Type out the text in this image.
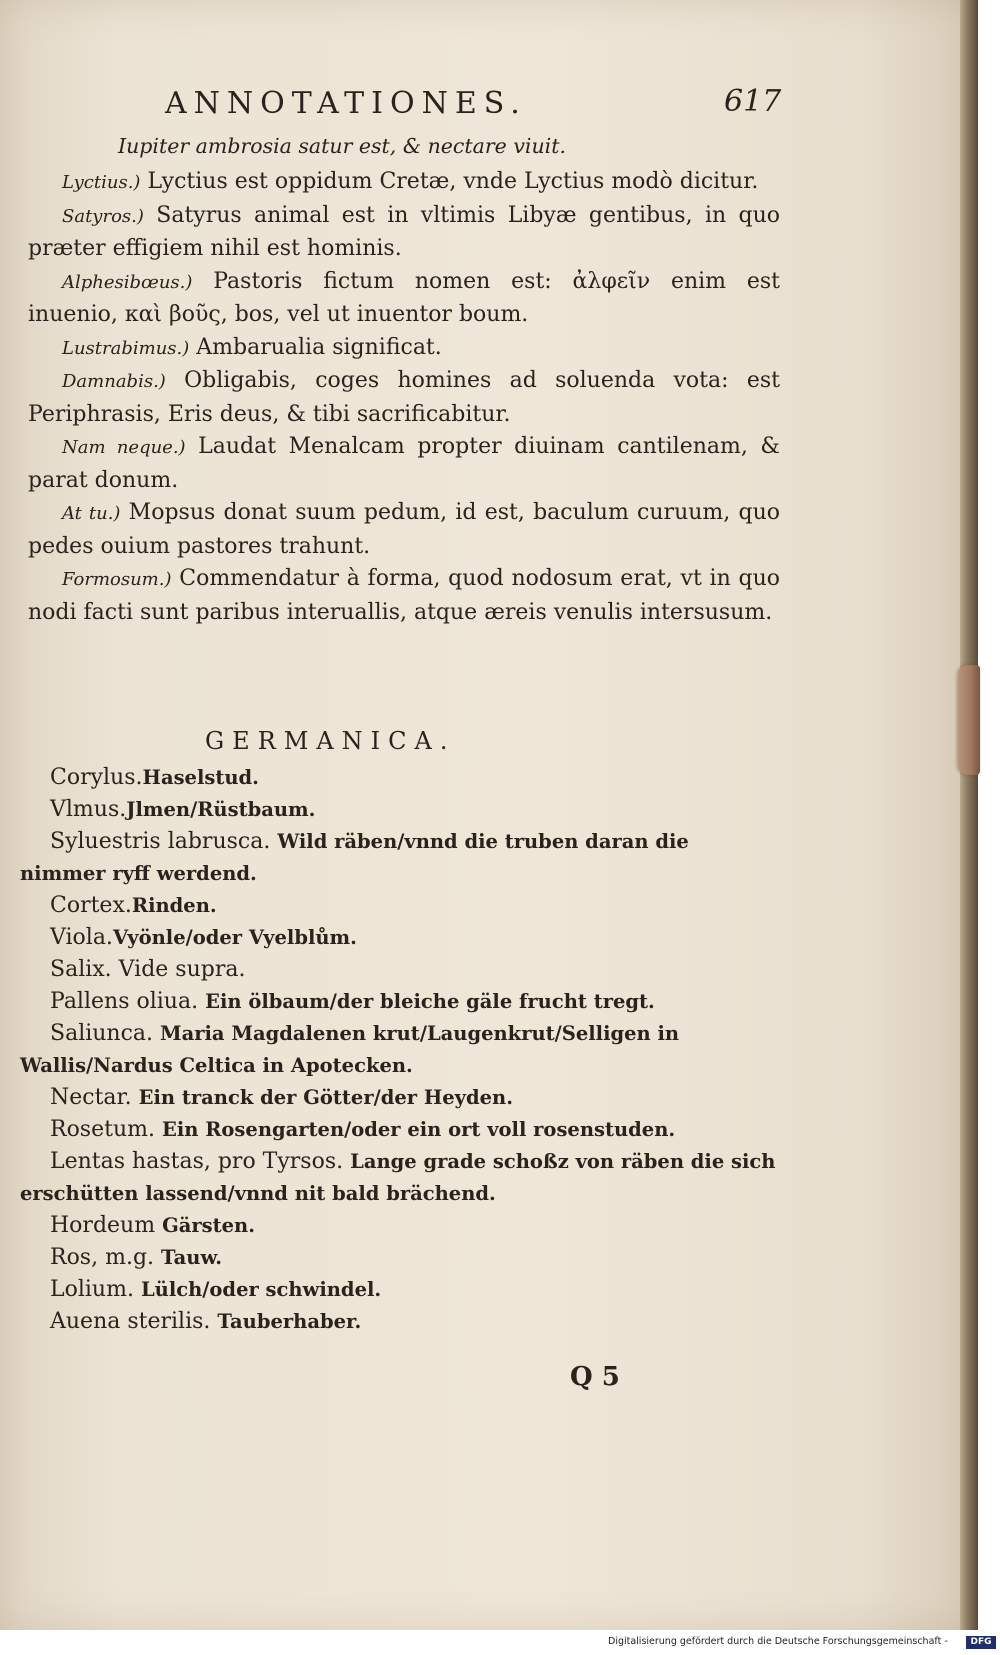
ANNOTATIONES.	617
Iupiter ambrosia satur est, & nectare viuit.

Lyctius.) Lyctius est oppidum Cretæ, vnde Lyctius modò dicitur.

Satyros.) Satyrus animal est in vltimis Libyæ gentibus, in quo præter effigiem nihil est hominis.

Alphesibœus.) Pastoris fictum nomen est: ἀλφεῖν enim est inuenio, καὶ βοῦς, bos, vel ut inuentor boum.

Lustrabimus.) Ambarualia significat.

Damnabis.) Obligabis, coges homines ad soluenda vota: est Periphrasis, Eris deus, & tibi sacrificabitur.

Nam neque.) Laudat Menalcam propter diuinam cantilenam, & parat donum.

At tu.) Mopsus donat suum pedum, id est, baculum curuum, quo pedes ouium pastores trahunt.

Formosum.) Commendatur à forma, quod nodosum erat, vt in quo nodi facti sunt paribus interuallis, atque æreis venulis intersusum.

GERMANICA.

Corylus.Haselstud.

Vlmus.Jlmen/Rüstbaum.

Syluestris labrusca. Wild räben/vnnd die truben daran die nimmer ryff werdend.

Cortex.Rinden.

Viola.Vyönle/oder Vyelblům.

Salix. Vide supra.

Pallens oliua. Ein ölbaum/der bleiche gäle frucht tregt.

Saliunca. Maria Magdalenen krut/Laugenkrut/Selligen in Wallis/Nardus Celtica in Apotecken.

Nectar. Ein tranck der Götter/der Heyden.

Rosetum. Ein Rosengarten/oder ein ort voll rosenstuden.

Lentas hastas, pro Tyrsos. Lange grade schoßz von räben die sich erschütten lassend/vnnd nit bald brächend.

Hordeum Gärsten.

Ros, m.g. Tauw.

Lolium. Lülch/oder schwindel.

Auena sterilis. Tauberhaber.

Q 5
Digitalisierung gefördert durch die Deutsche Forschungsgemeinschaft -	DFG
